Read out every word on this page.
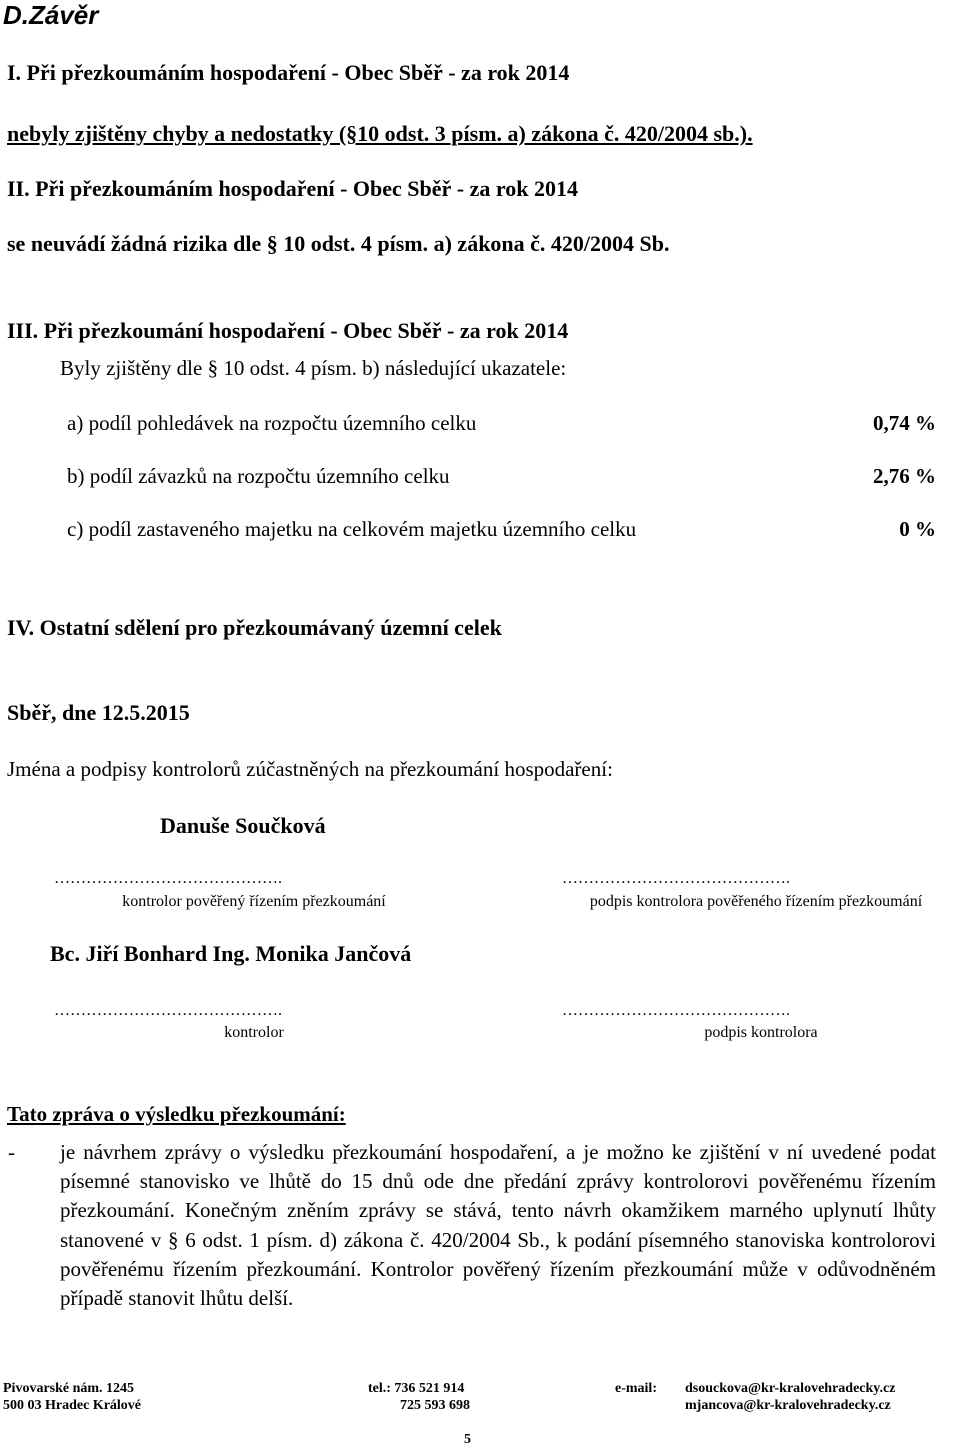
D.Závěr
I. Při přezkoumáním hospodaření - Obec Sběř - za rok 2014
nebyly zjištěny chyby a nedostatky (§10 odst. 3 písm. a) zákona č. 420/2004 sb.).
II. Při přezkoumáním hospodaření - Obec Sběř - za rok 2014
se neuvádí žádná rizika dle § 10 odst. 4 písm. a) zákona č. 420/2004 Sb.
III. Při přezkoumání hospodaření - Obec Sběř - za rok 2014
Byly zjištěny dle § 10 odst. 4 písm. b) následující ukazatele:
a) podíl pohledávek na rozpočtu územního celku	0,74 %
b) podíl závazků na rozpočtu územního celku	2,76 %
c) podíl zastaveného majetku na celkovém majetku územního celku	0 %
IV. Ostatní sdělení pro přezkoumávaný územní celek
Sběř, dne 12.5.2015
Jména a podpisy kontrolorů zúčastněných na přezkoumání hospodaření:
Danuše Součková
…………………………………….	…………………………………….
kontrolor pověřený řízením přezkoumání	podpis kontrolora pověřeného řízením přezkoumání
Bc. Jiří Bonhard Ing. Monika Jančová
…………………………………….	…………………………………….
kontrolor	podpis kontrolora
Tato zpráva o výsledku přezkoumání:
- je návrhem zprávy o výsledku přezkoumání hospodaření, a je možno ke zjištění v ní uvedené podat písemné stanovisko ve lhůtě do 15 dnů ode dne předání zprávy kontrolorovi pověřenému řízením přezkoumání. Konečným zněním zprávy se stává, tento návrh okamžikem marného uplynutí lhůty stanovené v § 6 odst. 1 písm. d) zákona č. 420/2004 Sb., k podání písemného stanoviska kontrolorovi pověřenému řízením přezkoumání. Kontrolor pověřený řízením přezkoumání může v odůvodněném případě stanovit lhůtu delší.
Pivovarské nám. 1245
500 03 Hradec Králové
tel.: 736 521 914
725 593 698
e-mail: dsouckova@kr-kralovehradecky.cz
mjancova@kr-kralovehradecky.cz
5
